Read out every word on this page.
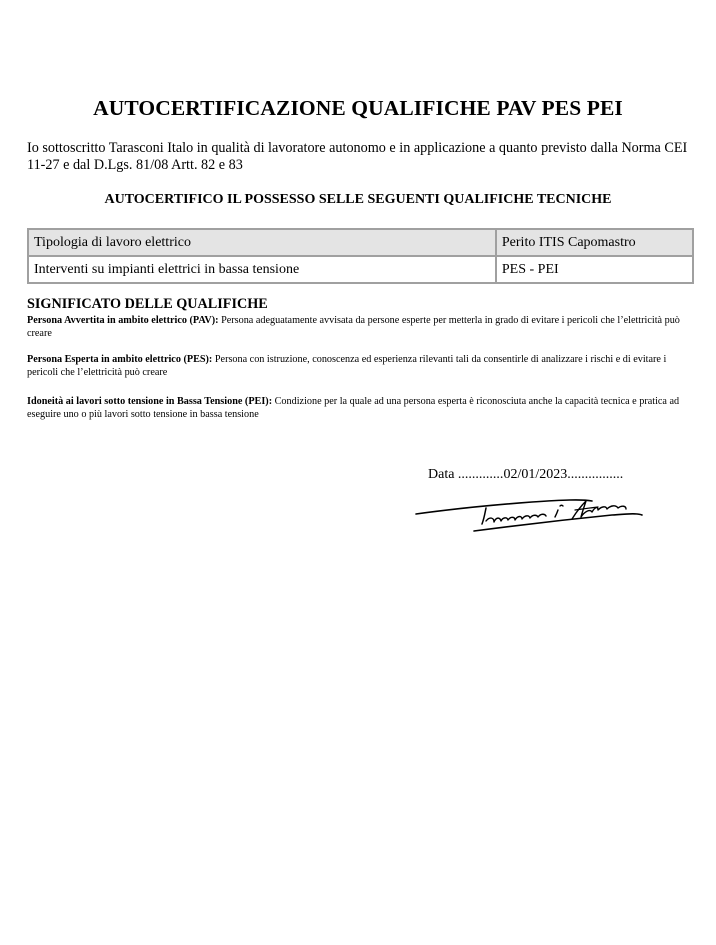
AUTOCERTIFICAZIONE QUALIFICHE PAV PES PEI

Io sottoscritto Tarasconi Italo in qualità di lavoratore autonomo e in applicazione a quanto previsto dalla Norma CEI 11-27 e dal D.Lgs. 81/08 Artt. 82 e 83

AUTOCERTIFICO IL POSSESSO SELLE SEGUENTI QUALIFICHE TECNICHE
Tipologia di lavoro elettrico	Perito ITIS Capomastro
Interventi su impianti elettrici in bassa tensione	PES - PEI
SIGNIFICATO DELLE QUALIFICHE

Persona Avvertita in ambito elettrico (PAV): Persona adeguatamente avvisata da persone esperte per metterla in grado di evitare i pericoli che l’elettricità può creare

Persona Esperta in ambito elettrico (PES): Persona con istruzione, conoscenza ed esperienza rilevanti tali da consentirle di analizzare i rischi e di evitare i pericoli che l’elettricità può creare

Idoneità ai lavori sotto tensione in Bassa Tensione (PEI): Condizione per la quale ad una persona esperta è riconosciuta anche la capacità tecnica e pratica ad eseguire uno o più lavori sotto tensione in bassa tensione

Data .............02/01/2023................
